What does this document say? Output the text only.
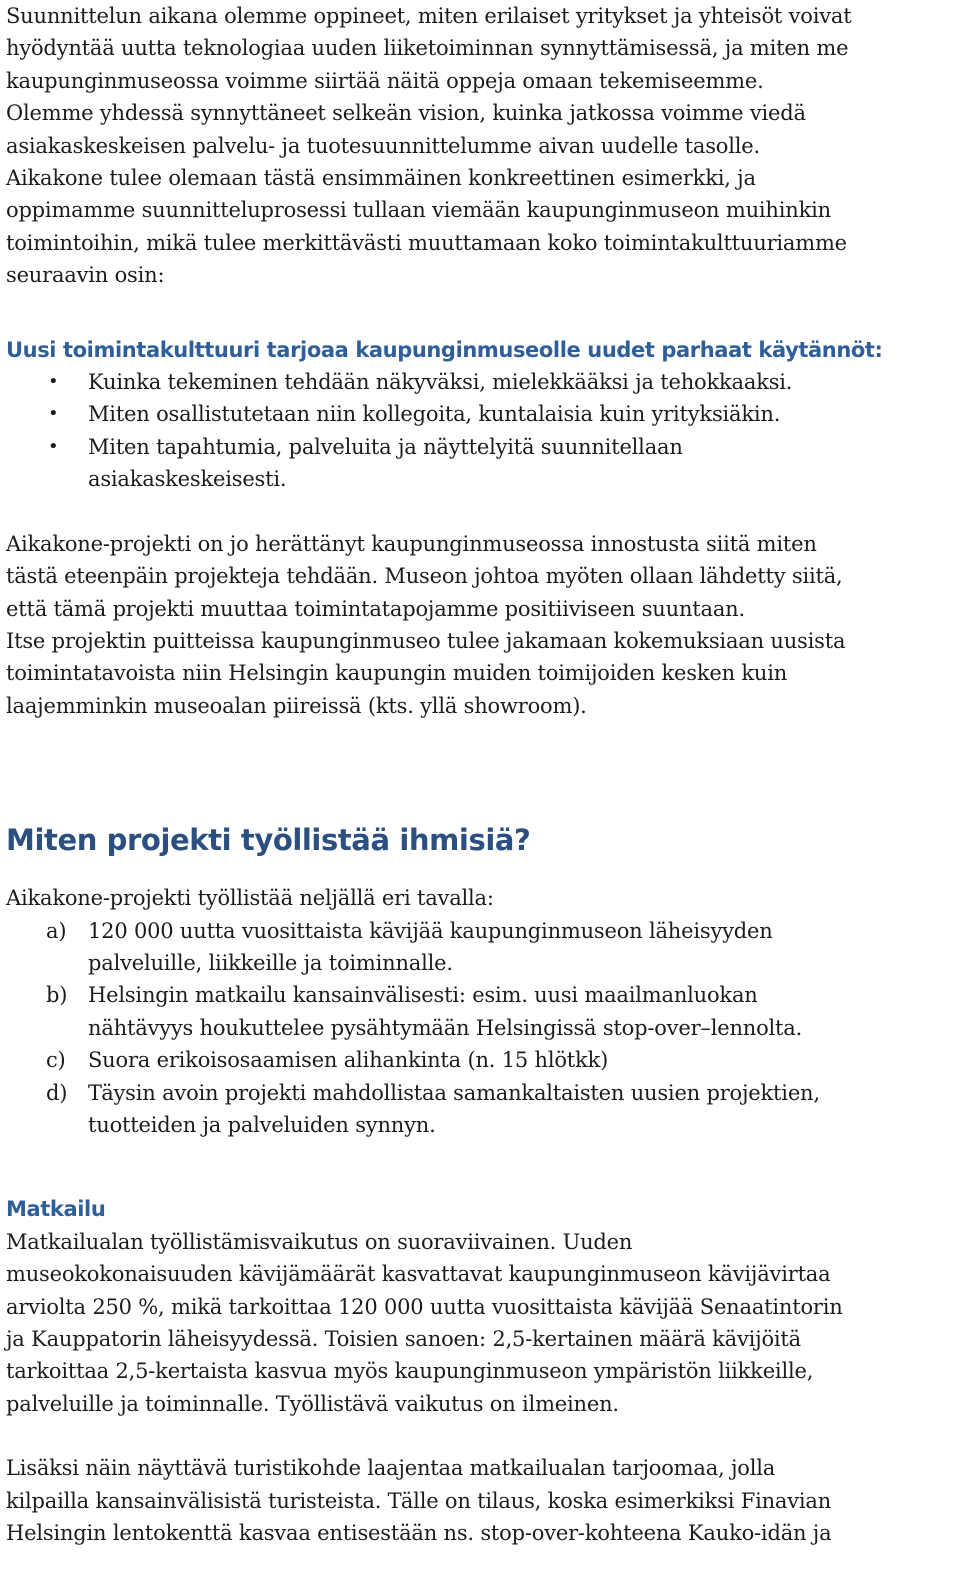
Suunnittelun aikana olemme oppineet, miten erilaiset yritykset ja yhteisöt voivat
hyödyntää uutta teknologiaa uuden liiketoiminnan synnyttämisessä, ja miten me
kaupunginmuseossa voimme siirtää näitä oppeja omaan tekemiseemme.
Olemme yhdessä synnyttäneet selkeän vision, kuinka jatkossa voimme viedä
asiakaskeskeisen palvelu- ja tuotesuunnittelumme aivan uudelle tasolle.
Aikakone tulee olemaan tästä ensimmäinen konkreettinen esimerkki, ja
oppimamme suunnitteluprosessi tullaan viemään kaupunginmuseon muihinkin
toimintoihin, mikä tulee merkittävästi muuttamaan koko toimintakulttuuriamme
seuraavin osin:

Uusi toimintakulttuuri tarjoaa kaupunginmuseolle uudet parhaat käytännöt:
• Kuinka tekeminen tehdään näkyväksi, mielekkääksi ja tehokkaaksi.
• Miten osallistutetaan niin kollegoita, kuntalaisia kuin yrityksiäkin.
• Miten tapahtumia, palveluita ja näyttelyitä suunnitellaan
asiakaskeskeisesti.

Aikakone-projekti on jo herättänyt kaupunginmuseossa innostusta siitä miten
tästä eteenpäin projekteja tehdään. Museon johtoa myöten ollaan lähdetty siitä,
että tämä projekti muuttaa toimintatapojamme positiiviseen suuntaan.
Itse projektin puitteissa kaupunginmuseo tulee jakamaan kokemuksiaan uusista
toimintatavoista niin Helsingin kaupungin muiden toimijoiden kesken kuin
laajemminkin museoalan piireissä (kts. yllä showroom).

Miten projekti työllistää ihmisiä?

Aikakone-projekti työllistää neljällä eri tavalla:

a) 120 000 uutta vuosittaista kävijää kaupunginmuseon läheisyyden
palveluille, liikkeille ja toiminnalle.
b) Helsingin matkailu kansainvälisesti: esim. uusi maailmanluokan
nähtävyys houkuttelee pysähtymään Helsingissä stop-over–lennolta.
c) Suora erikoisosaamisen alihankinta (n. 15 hlötkk)
d) Täysin avoin projekti mahdollistaa samankaltaisten uusien projektien,
tuotteiden ja palveluiden synnyn.
Matkailu

Matkailualan työllistämisvaikutus on suoraviivainen. Uuden
museokokonaisuuden kävijämäärät kasvattavat kaupunginmuseon kävijävirtaa
arviolta 250 %, mikä tarkoittaa 120 000 uutta vuosittaista kävijää Senaatintorin
ja Kauppatorin läheisyydessä. Toisien sanoen: 2,5-kertainen määrä kävijöitä
tarkoittaa 2,5-kertaista kasvua myös kaupunginmuseon ympäristön liikkeille,
palveluille ja toiminnalle. Työllistävä vaikutus on ilmeinen.

Lisäksi näin näyttävä turistikohde laajentaa matkailualan tarjoomaa, jolla
kilpailla kansainvälisistä turisteista. Tälle on tilaus, koska esimerkiksi Finavian
Helsingin lentokenttä kasvaa entisestään ns. stop-over-kohteena Kauko-idän ja
